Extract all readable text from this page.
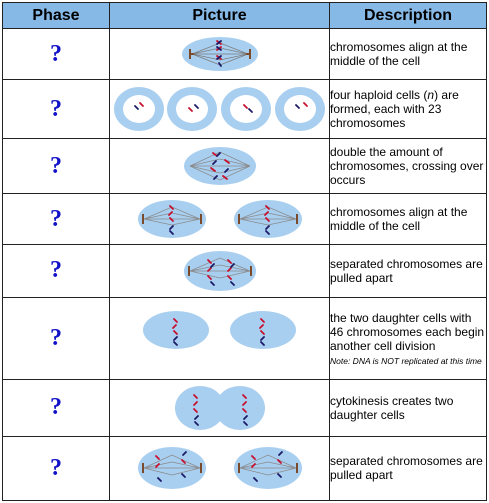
Phase	Picture	Description
?		chromosomes align at the middle of the cell
?		four haploid cells (n) are formed, each with 23 chromosomes
?		double the amount of chromosomes, crossing over occurs
?		chromosomes align at the middle of the cell
?		separated chromosomes are pulled apart
?		the two daughter cells with 46 chromosomes each begin another cell division
Note: DNA is NOT replicated at this time

?		cytokinesis creates two daughter cells
?		separated chromosomes are pulled apart
